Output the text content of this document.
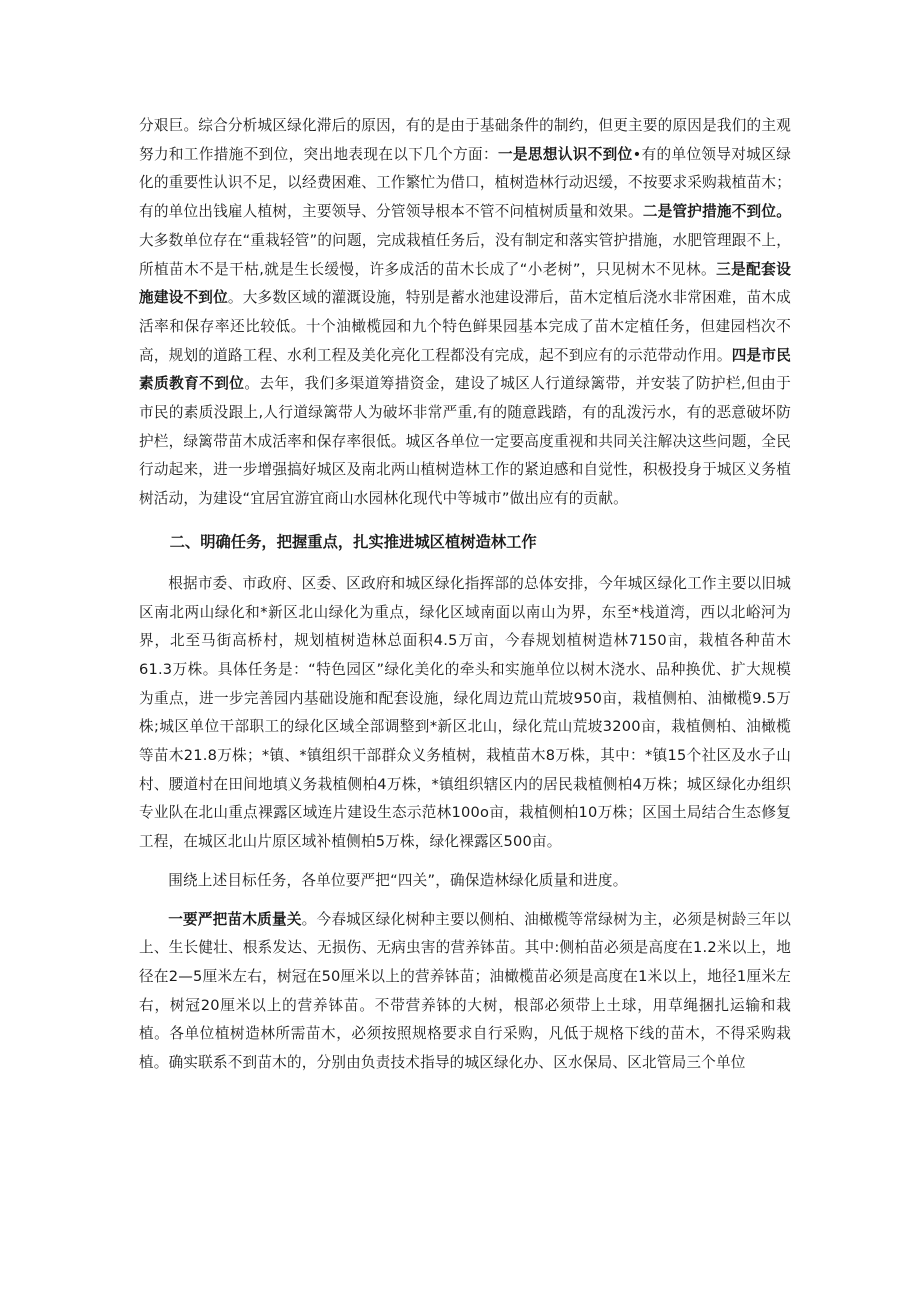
分艰巨。综合分析城区绿化滞后的原因，有的是由于基础条件的制约，但更主要的原因是我们的主观努力和工作措施不到位，突出地表现在以下几个方面：一是思想认识不到位•有的单位领导对城区绿化的重要性认识不足，以经费困难、工作繁忙为借口，植树造林行动迟缓，不按要求采购栽植苗木；有的单位出钱雇人植树，主要领导、分管领导根本不管不问植树质量和效果。二是管护措施不到位。大多数单位存在“重栽轻管”的问题，完成栽植任务后，没有制定和落实管护措施，水肥管理跟不上，所植苗木不是干枯,就是生长缓慢，许多成活的苗木长成了“小老树”，只见树木不见林。三是配套设施建设不到位。大多数区域的灌溉设施，特别是蓄水池建设滞后，苗木定植后浇水非常困难，苗木成活率和保存率还比较低。十个油橄榄园和九个特色鲜果园基本完成了苗木定植任务，但建园档次不高，规划的道路工程、水利工程及美化亮化工程都没有完成，起不到应有的示范带动作用。四是市民素质教育不到位。去年，我们多渠道筹措资金，建设了城区人行道绿篱带，并安装了防护栏,但由于市民的素质没跟上,人行道绿篱带人为破坏非常严重,有的随意践踏，有的乱泼污水，有的恶意破坏防护栏，绿篱带苗木成活率和保存率很低。城区各单位一定要高度重视和共同关注解决这些问题，全民行动起来，进一步增强搞好城区及南北两山植树造林工作的紧迫感和自觉性，积极投身于城区义务植树活动，为建设“宜居宜游宜商山水园林化现代中等城市”做出应有的贡献。

二、明确任务，把握重点，扎实推进城区植树造林工作

根据市委、市政府、区委、区政府和城区绿化指挥部的总体安排，今年城区绿化工作主要以旧城区南北两山绿化和*新区北山绿化为重点，绿化区域南面以南山为界，东至*栈道湾，西以北峪河为界，北至马街高桥村，规划植树造林总面积4.5万亩，今春规划植树造林7150亩，栽植各种苗木61.3万株。具体任务是：“特色园区”绿化美化的牵头和实施单位以树木浇水、品种换优、扩大规模为重点，进一步完善园内基础设施和配套设施，绿化周边荒山荒坡950亩，栽植侧柏、油橄榄9.5万株;城区单位干部职工的绿化区域全部调整到*新区北山，绿化荒山荒坡3200亩，栽植侧柏、油橄榄等苗木21.8万株；*镇、*镇组织干部群众义务植树，栽植苗木8万株，其中：*镇15个社区及水子山村、腰道村在田间地填义务栽植侧柏4万株，*镇组织辖区内的居民栽植侧柏4万株；城区绿化办组织专业队在北山重点裸露区域连片建设生态示范林100o亩，栽植侧柏10万株；区国土局结合生态修复工程，在城区北山片原区域补植侧柏5万株，绿化裸露区500亩。

围绕上述目标任务，各单位要严把“四关”，确保造林绿化质量和进度。

一要严把苗木质量关。今春城区绿化树种主要以侧柏、油橄榄等常绿树为主，必须是树龄三年以上、生长健壮、根系发达、无损伤、无病虫害的营养钵苗。其中:侧柏苗必须是高度在1.2米以上，地径在2—5厘米左右，树冠在50厘米以上的营养钵苗；油橄榄苗必须是高度在1米以上，地径1厘米左右，树冠20厘米以上的营养钵苗。不带营养钵的大树，根部必须带上土球，用草绳捆扎运输和栽植。各单位植树造林所需苗木，必须按照规格要求自行采购，凡低于规格下线的苗木，不得采购栽植。确实联系不到苗木的，分别由负责技术指导的城区绿化办、区水保局、区北管局三个单位
